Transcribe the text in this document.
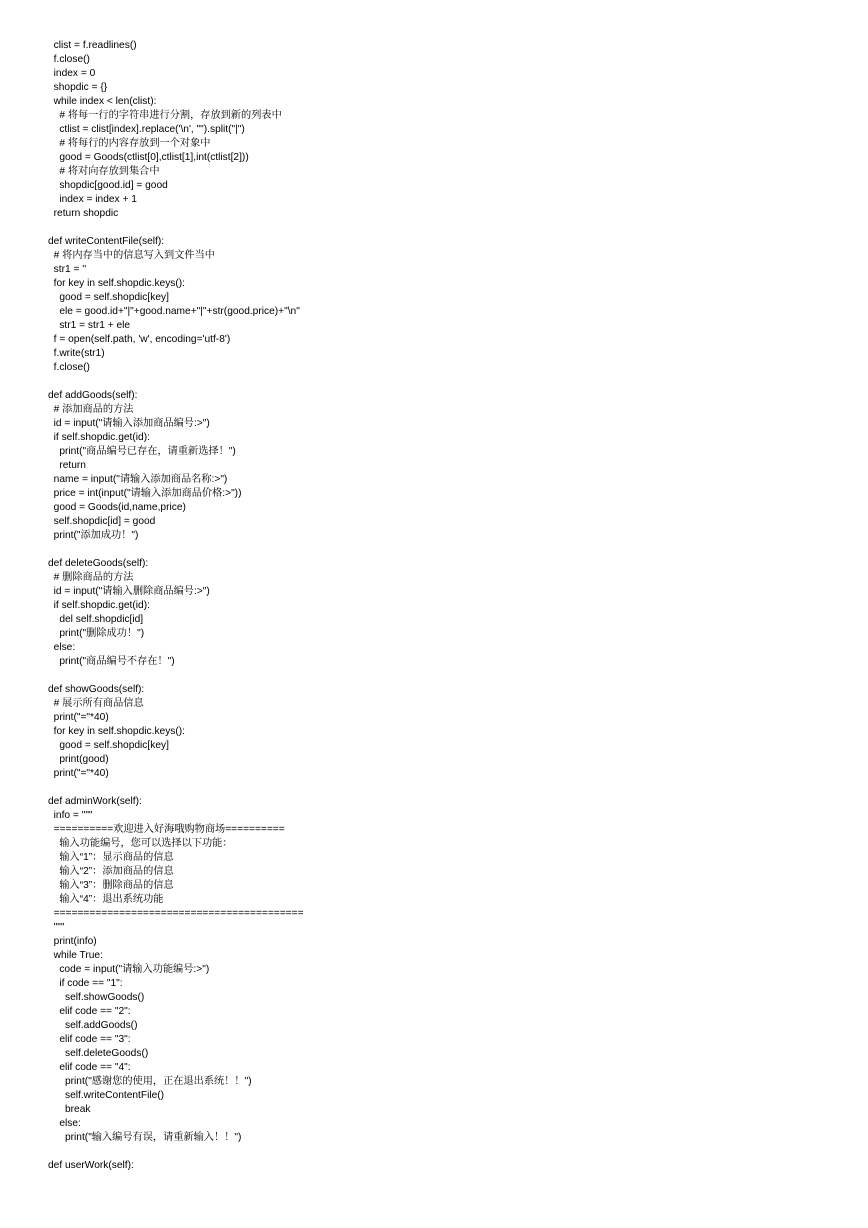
clist = f.readlines()
f.close()
index = 0
shopdic = {}
while index < len(clist):
# 将每一行的字符串进行分割，存放到新的列表中
ctlist = clist[index].replace('\n', "").split("|")
# 将每行的内容存放到一个对象中
good = Goods(ctlist[0],ctlist[1],int(ctlist[2]))
# 将对向存放到集合中
shopdic[good.id] = good
index = index + 1
return shopdic
def writeContentFile(self):
# 将内存当中的信息写入到文件当中
str1 = ''
for key in self.shopdic.keys():
good = self.shopdic[key]
ele = good.id+"|"+good.name+"|"+str(good.price)+"\n"
str1 = str1 + ele
f = open(self.path, 'w', encoding='utf-8')
f.write(str1)
f.close()
def addGoods(self):
# 添加商品的方法
id = input("请输入添加商品编号:>")
if self.shopdic.get(id):
print("商品编号已存在，请重新选择！")
return
name = input("请输入添加商品名称:>")
price = int(input("请输入添加商品价格:>"))
good = Goods(id,name,price)
self.shopdic[id] = good
print("添加成功！")
def deleteGoods(self):
# 删除商品的方法
id = input("请输入删除商品编号:>")
if self.shopdic.get(id):
del self.shopdic[id]
print("删除成功！")
else:
print("商品编号不存在！")
def showGoods(self):
# 展示所有商品信息
print("="*40)
for key in self.shopdic.keys():
good = self.shopdic[key]
print(good)
print("="*40)
def adminWork(self):
info = """
==========欢迎进入好海哦购物商场==========
输入功能编号，您可以选择以下功能：
输入“1”：显示商品的信息
输入“2”：添加商品的信息
输入“3”：删除商品的信息
输入“4”：退出系统功能
==========================================
"""
print(info)
while True:
code = input("请输入功能编号:>")
if code == "1":
self.showGoods()
elif code == "2":
self.addGoods()
elif code == "3":
self.deleteGoods()
elif code == "4":
print("感谢您的使用，正在退出系统！！")
self.writeContentFile()
break
else:
print("输入编号有误，请重新输入！！")
def userWork(self):
